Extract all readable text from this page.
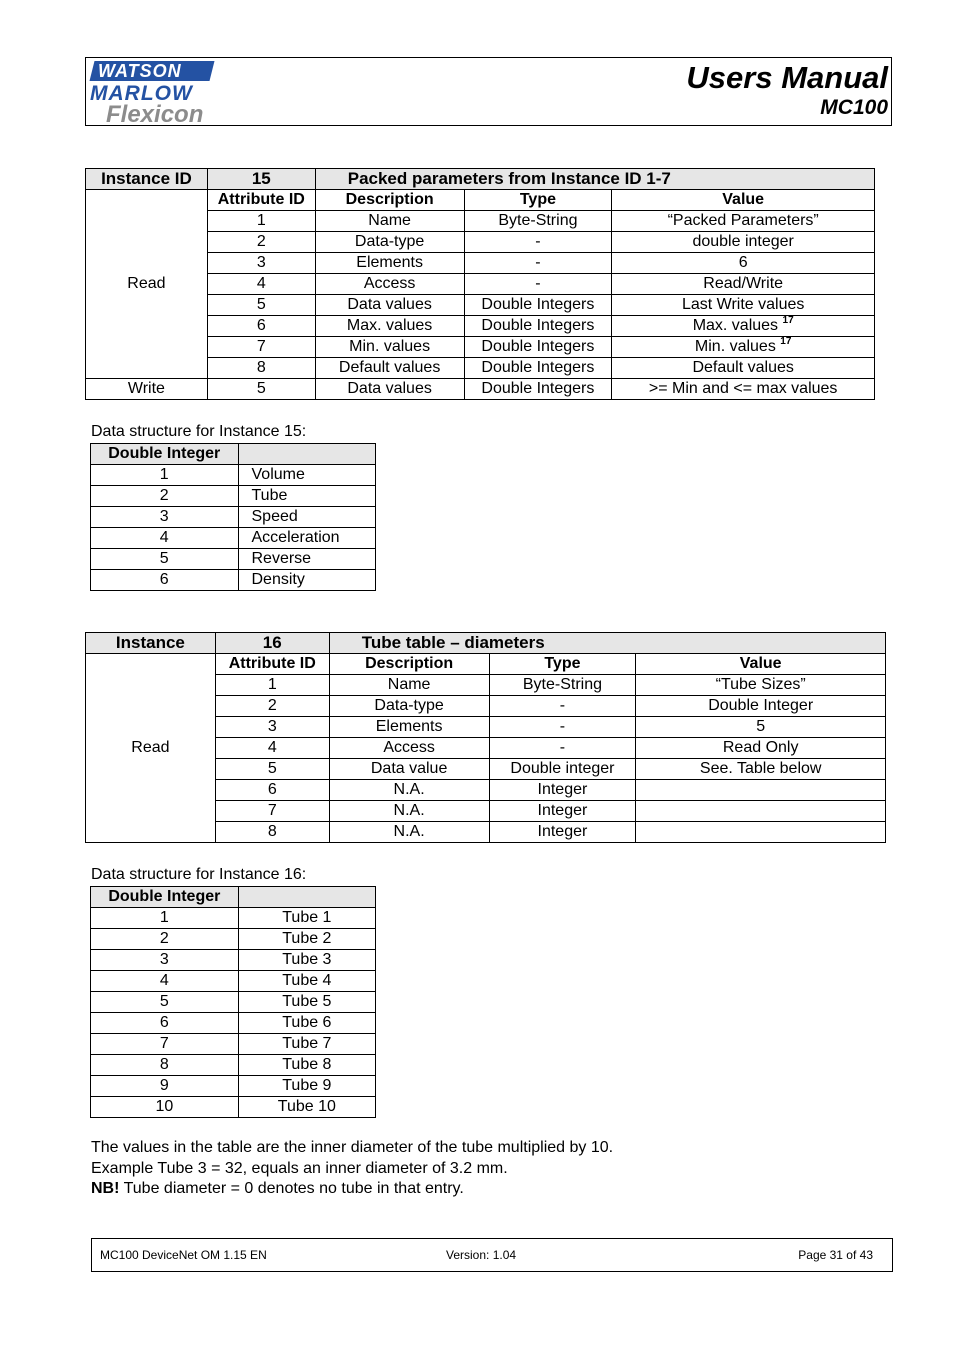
WATSON
MARLOW
Flexicon
Users Manual
MC100
Instance ID	15	Packed parameters from Instance ID 1-7		
Read	Attribute ID	Description	Type	Value
	1	Name	Byte-String	“Packed Parameters”
	2	Data-type	-	double integer
	3	Elements	-	6
	4	Access	-	Read/Write
	5	Data values	Double Integers	Last Write values
	6	Max. values	Double Integers	Max. values $^{17}$
	7	Min. values	Double Integers	Min. values $^{17}$
	8	Default values	Double Integers	Default values
Write	5	Data values	Double Integers	>= Min and <= max values
Data structure for Instance 15:
Double Integer	
1	Volume
2	Tube
3	Speed
4	Acceleration
5	Reverse
6	Density
Instance	16	Tube table – diameters		
Read	Attribute ID	Description	Type	Value
	1	Name	Byte-String	“Tube Sizes”
	2	Data-type	-	Double Integer
	3	Elements	-	5
	4	Access	-	Read Only
	5	Data value	Double integer	See. Table below
	6	N.A.	Integer	
	7	N.A.	Integer	
	8	N.A.	Integer	
Data structure for Instance 16:
Double Integer	
1	Tube 1
2	Tube 2
3	Tube 3
4	Tube 4
5	Tube 5
6	Tube 6
7	Tube 7
8	Tube 8
9	Tube 9
10	Tube 10
The values in the table are the inner diameter of the tube multiplied by 10.
Example Tube 3 = 32, equals an inner diameter of 3.2 mm.
NB! Tube diameter = 0 denotes no tube in that entry.
MC100 DeviceNet OM 1.15 EN	Version: 1.04	Page 31 of 43
